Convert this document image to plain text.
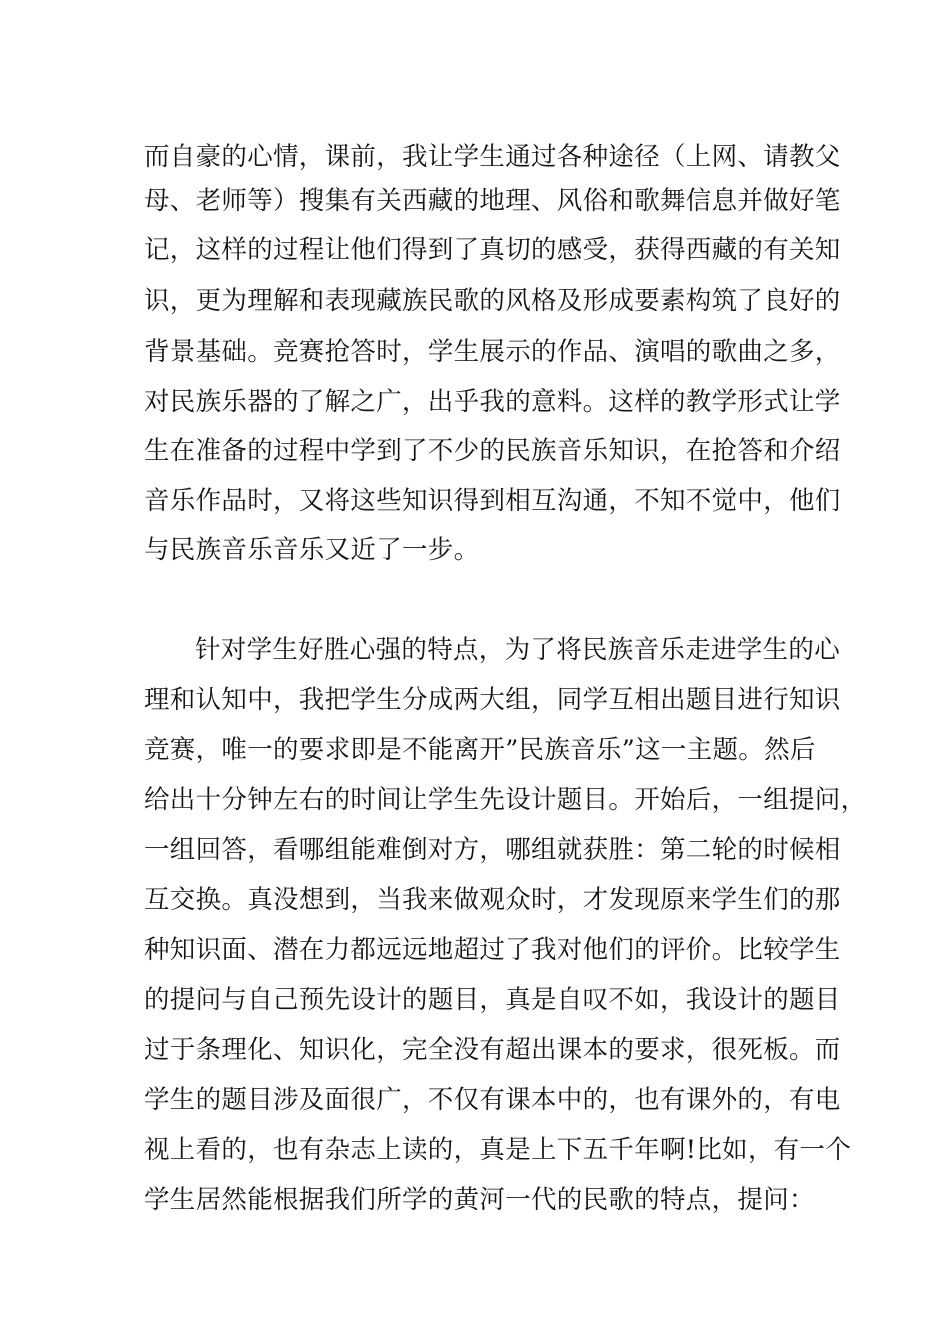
而自豪的心情，课前，我让学生通过各种途径（上网、请教父
母、老师等）搜集有关西藏的地理、风俗和歌舞信息并做好笔
记，这样的过程让他们得到了真切的感受，获得西藏的有关知
识，更为理解和表现藏族民歌的风格及形成要素构筑了良好的
背景基础。竞赛抢答时，学生展示的作品、演唱的歌曲之多，
对民族乐器的了解之广，出乎我的意料。这样的教学形式让学
生在准备的过程中学到了不少的民族音乐知识，在抢答和介绍
音乐作品时，又将这些知识得到相互沟通，不知不觉中，他们
与民族音乐音乐又近了一步。
针对学生好胜心强的特点，为了将民族音乐走进学生的心
理和认知中，我把学生分成两大组，同学互相出题目进行知识
竞赛，唯一的要求即是不能离开”民族音乐”这一主题。然后
给出十分钟左右的时间让学生先设计题目。开始后，一组提问，
一组回答，看哪组能难倒对方，哪组就获胜：第二轮的时候相
互交换。真没想到，当我来做观众时，才发现原来学生们的那
种知识面、潜在力都远远地超过了我对他们的评价。比较学生
的提问与自己预先设计的题目，真是自叹不如，我设计的题目
过于条理化、知识化，完全没有超出课本的要求，很死板。而
学生的题目涉及面很广，不仅有课本中的，也有课外的，有电
视上看的，也有杂志上读的，真是上下五千年啊!比如，有一个
学生居然能根据我们所学的黄河一代的民歌的特点，提问：
